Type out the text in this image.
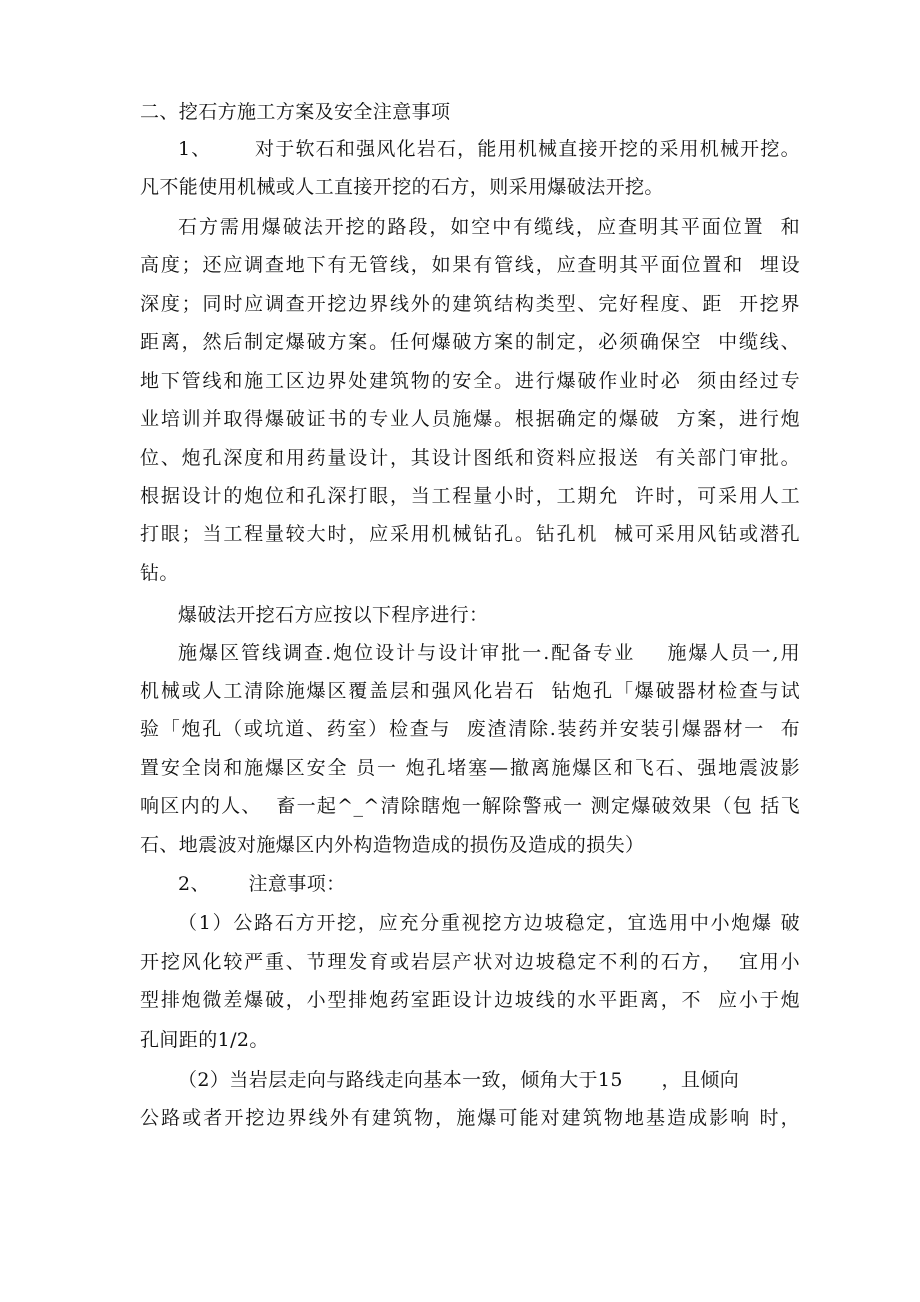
二、挖石方施工方案及安全注意事项
1、      对于软石和强风化岩石，能用机械直接开挖的采用机械开挖。
凡不能使用机械或人工直接开挖的石方，则采用爆破法开挖。
石方需用爆破法开挖的路段，如空中有缆线，应查明其平面位置  和
高度；还应调查地下有无管线，如果有管线，应查明其平面位置和  埋设
深度；同时应调查开挖边界线外的建筑结构类型、完好程度、距  开挖界
距离，然后制定爆破方案。任何爆破方案的制定，必须确保空  中缆线、
地下管线和施工区边界处建筑物的安全。进行爆破作业时必  须由经过专
业培训并取得爆破证书的专业人员施爆。根据确定的爆破  方案，进行炮
位、炮孔深度和用药量设计，其设计图纸和资料应报送  有关部门审批。
根据设计的炮位和孔深打眼，当工程量小时，工期允  许时，可采用人工
打眼；当工程量较大时，应采用机械钻孔。钻孔机  械可采用风钻或潜孔
钻。
爆破法开挖石方应按以下程序进行：
施爆区管线调查.炮位设计与设计审批一.配备专业    施爆人员一,用
机械或人工清除施爆区覆盖层和强风化岩石  钻炮孔「爆破器材检查与试
验「炮孔（或坑道、药室）检查与  废渣清除.装药并安装引爆器材一  布
置安全岗和施爆区安全 员一 炮孔堵塞—撤离施爆区和飞石、强地震波影
响区内的人、  畜一起^_^清除瞎炮一解除警戒一 测定爆破效果（包 括飞
石、地震波对施爆区内外构造物造成的损伤及造成的损失）
2、      注意事项：
（1）公路石方开挖，应充分重视挖方边坡稳定，宜选用中小炮爆 破
开挖风化较严重、节理发育或岩层产状对边坡稳定不利的石方，  宜用小
型排炮微差爆破，小型排炮药室距设计边坡线的水平距离，不  应小于炮
孔间距的1/2。
（2）当岩层走向与路线走向基本一致，倾角大于15      ，且倾向
公路或者开挖边界线外有建筑物，施爆可能对建筑物地基造成影响 时，
